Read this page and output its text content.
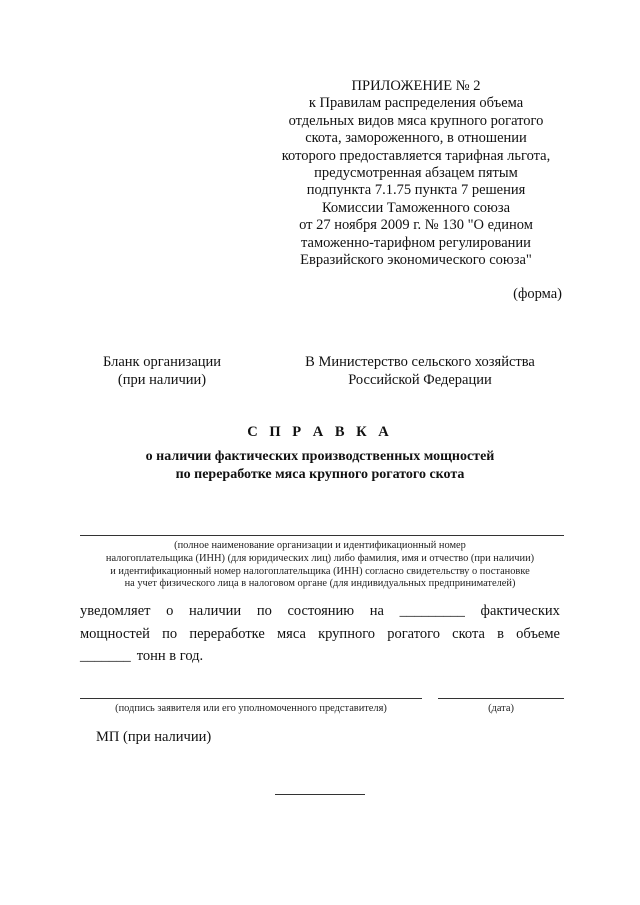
ПРИЛОЖЕНИЕ № 2
к Правилам распределения объема
отдельных видов мяса крупного рогатого
скота, замороженного, в отношении
которого предоставляется тарифная льгота,
предусмотренная абзацем пятым
подпункта 7.1.75 пункта 7 решения
Комиссии Таможенного союза
от 27 ноября 2009 г. № 130 "О едином
таможенно-тарифном регулировании
Евразийского экономического союза"
(форма)
Бланк организации
(при наличии)
В Министерство сельского хозяйства
Российской Федерации
С П Р А В К А
о наличии фактических производственных мощностей
по переработке мяса крупного рогатого скота
(полное наименование организации и идентификационный номер
налогоплательщика (ИНН) (для юридических лиц) либо фамилия, имя и отчество (при наличии)
и идентификационный номер налогоплательщика (ИНН) согласно свидетельству о постановке
на учет физического лица в налоговом органе (для индивидуальных предпринимателей)
уведомляет о наличии по состоянию на _________ фактических
мощностей по переработке мяса крупного рогатого скота в объеме
_______ тонн в год.
(подпись заявителя или его уполномоченного представителя)	(дата)
МП (при наличии)
